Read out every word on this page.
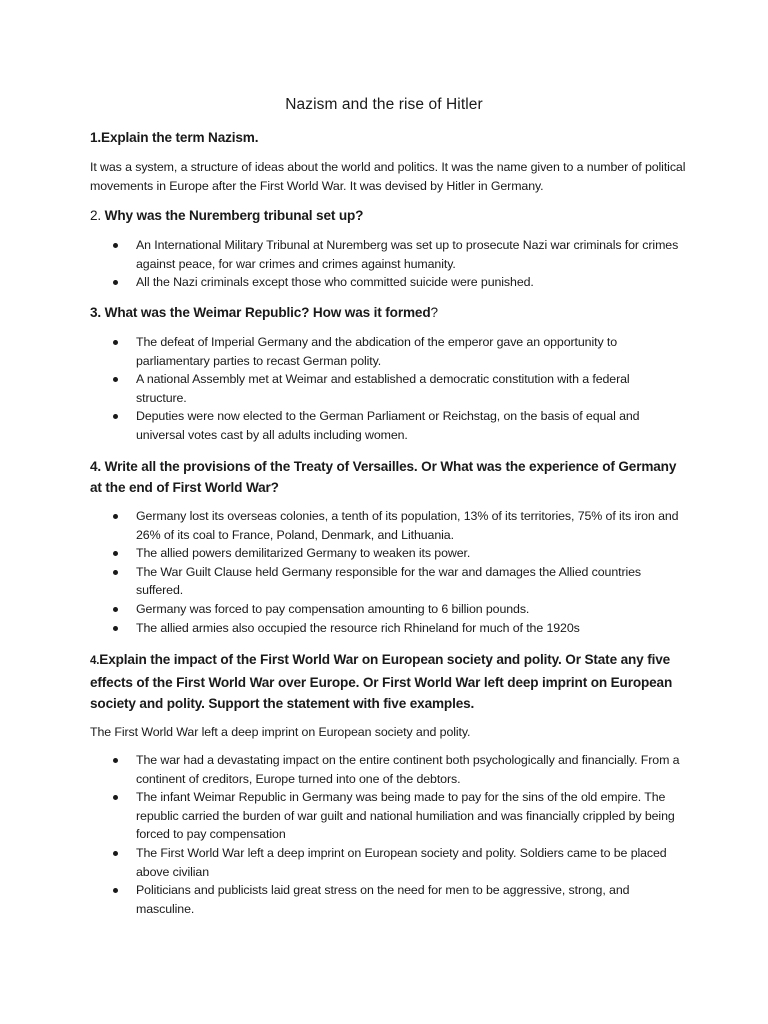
Nazism and the rise of Hitler

1.Explain the term Nazism.

It was a system, a structure of ideas about the world and politics. It was the name given to a number of political movements in Europe after the First World War. It was devised by Hitler in Germany.

2. Why was the Nuremberg tribunal set up?

An International Military Tribunal at Nuremberg was set up to prosecute Nazi war criminals for crimes against peace, for war crimes and crimes against humanity.
All the Nazi criminals except those who committed suicide were punished.

3. What was the Weimar Republic? How was it formed?

The defeat of Imperial Germany and the abdication of the emperor gave an opportunity to parliamentary parties to recast German polity.
A national Assembly met at Weimar and established a democratic constitution with a federal structure.
Deputies were now elected to the German Parliament or Reichstag, on the basis of equal and universal votes cast by all adults including women.

4. Write all the provisions of the Treaty of Versailles. Or What was the experience of Germany at the end of First World War?

Germany lost its overseas colonies, a tenth of its population, 13% of its territories, 75% of its iron and 26% of its coal to France, Poland, Denmark, and Lithuania.
The allied powers demilitarized Germany to weaken its power.
The War Guilt Clause held Germany responsible for the war and damages the Allied countries suffered.
Germany was forced to pay compensation amounting to 6 billion pounds.
The allied armies also occupied the resource rich Rhineland for much of the 1920s

4.Explain the impact of the First World War on European society and polity. Or State any five effects of the First World War over Europe. Or First World War left deep imprint on European society and polity. Support the statement with five examples.

The First World War left a deep imprint on European society and polity.

The war had a devastating impact on the entire continent both psychologically and financially. From a continent of creditors, Europe turned into one of the debtors.
The infant Weimar Republic in Germany was being made to pay for the sins of the old empire. The republic carried the burden of war guilt and national humiliation and was financially crippled by being forced to pay compensation
The First World War left a deep imprint on European society and polity. Soldiers came to be placed above civilian
Politicians and publicists laid great stress on the need for men to be aggressive, strong, and masculine.
